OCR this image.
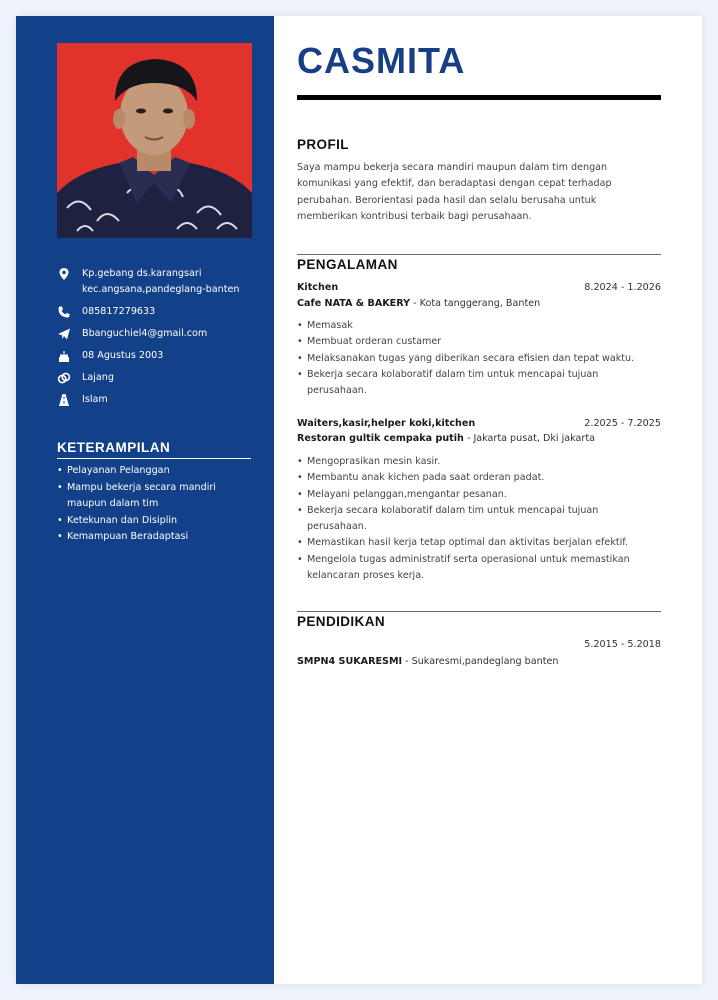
Kp.gebang ds.karangsari kec.angsana,pandeglang-banten
085817279633
Bbanguchiel4@gmail.com
08 Agustus 2003
Lajang
Islam
KETERAMPILAN
• Pelayanan Pelanggan
• Mampu bekerja secara mandiri maupun dalam tim
• Ketekunan dan Disiplin
• Kemampuan Beradaptasi
CASMITA
PROFIL

Saya mampu bekerja secara mandiri maupun dalam tim dengan komunikasi yang efektif, dan beradaptasi dengan cepat terhadap perubahan. Berorientasi pada hasil dan selalu berusaha untuk memberikan kontribusi terbaik bagi perusahaan.

PENGALAMAN
Kitchen	8.2024 - 1.2026
Cafe NATA & BAKERY - Kota tanggerang, Banten
• Memasak
• Membuat orderan custamer
• Melaksanakan tugas yang diberikan secara efisien dan tepat waktu.
• Bekerja secara kolaboratif dalam tim untuk mencapai tujuan perusahaan.
Waiters,kasir,helper koki,kitchen	2.2025 - 7.2025
Restoran gultik cempaka putih - Jakarta pusat, Dki jakarta
• Mengoprasikan mesin kasir.
• Membantu anak kichen pada saat orderan padat.
• Melayani pelanggan,mengantar pesanan.
• Bekerja secara kolaboratif dalam tim untuk mencapai tujuan perusahaan.
• Memastikan hasil kerja tetap optimal dan aktivitas berjalan efektif.
• Mengelola tugas administratif serta operasional untuk memastikan kelancaran proses kerja.
PENDIDIKAN
5.2015 - 5.2018
SMPN4 SUKARESMI - Sukaresmi,pandeglang banten
